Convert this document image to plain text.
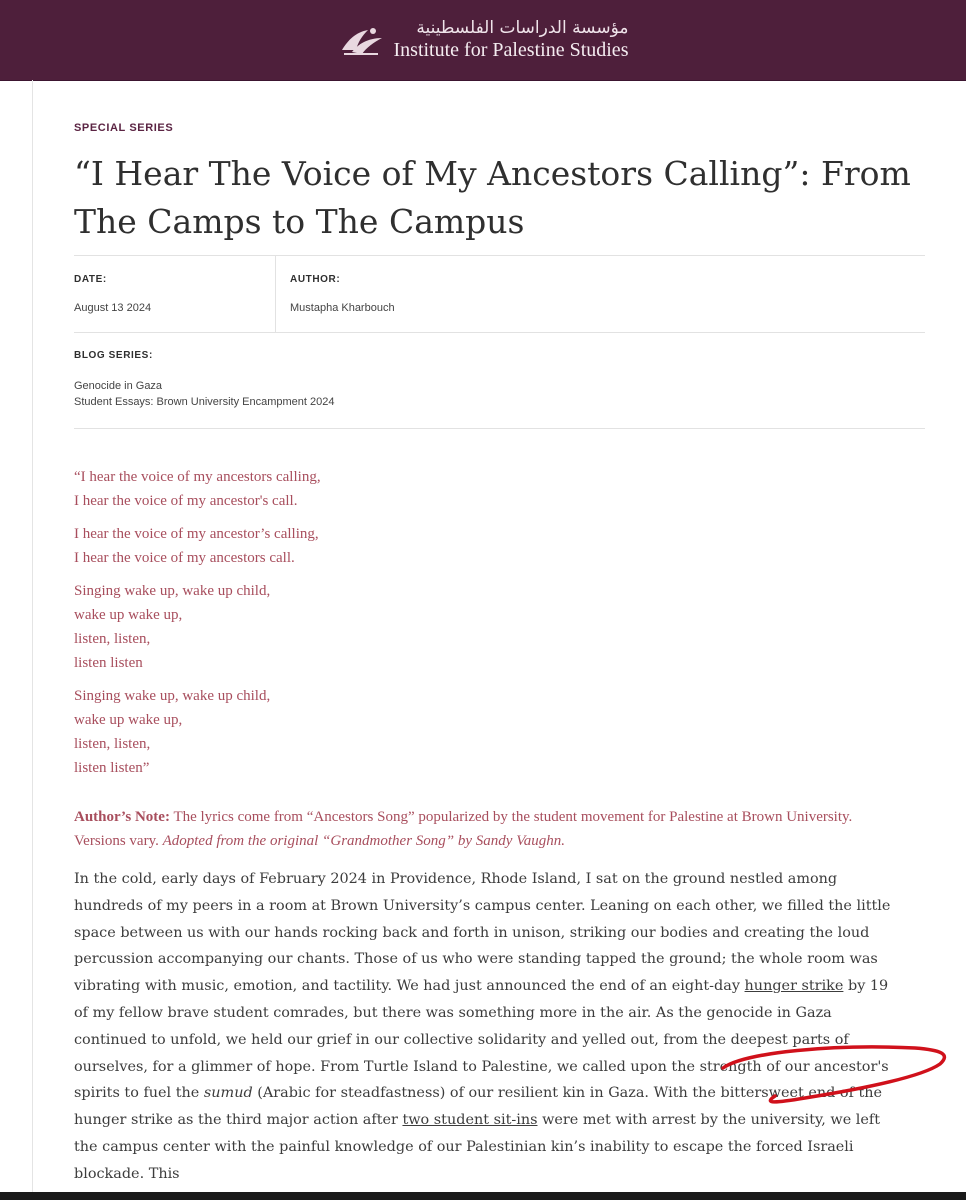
مؤسسة الدراسات الفلسطينية
Institute for Palestine Studies
SPECIAL SERIES
“I Hear The Voice of My Ancestors Calling”: From The Camps to The Campus
DATE:
August 13 2024
AUTHOR:
Mustapha Kharbouch
BLOG SERIES:
Genocide in Gaza
Student Essays: Brown University Encampment 2024
“I hear the voice of my ancestors calling,
I hear the voice of my ancestor's call.
I hear the voice of my ancestor’s calling,
I hear the voice of my ancestors call.
Singing wake up, wake up child,
wake up wake up,
listen, listen,
listen listen
Singing wake up, wake up child,
wake up wake up,
listen, listen,
listen listen”
Author’s Note: The lyrics come from “Ancestors Song” popularized by the student movement for Palestine at Brown University. Versions vary. Adopted from the original “Grandmother Song” by Sandy Vaughn.
In the cold, early days of February 2024 in Providence, Rhode Island, I sat on the ground nestled among hundreds of my peers in a room at Brown University’s campus center. Leaning on each other, we filled the little space between us with our hands rocking back and forth in unison, striking our bodies and creating the loud percussion accompanying our chants. Those of us who were standing tapped the ground; the whole room was vibrating with music, emotion, and tactility. We had just announced the end of an eight-day hunger strike by 19 of my fellow brave student comrades, but there was something more in the air. As the genocide in Gaza continued to unfold, we held our grief in our collective solidarity and yelled out, from the deepest parts of ourselves, for a glimmer of hope. From Turtle Island to Palestine, we called upon the strength of our ancestor's spirits to fuel the sumud (Arabic for steadfastness) of our resilient kin in Gaza. With the bittersweet end of the hunger strike as the third major action after two student sit-ins were met with arrest by the university, we left the campus center with the painful knowledge of our Palestinian kin’s inability to escape the forced Israeli blockade. This
